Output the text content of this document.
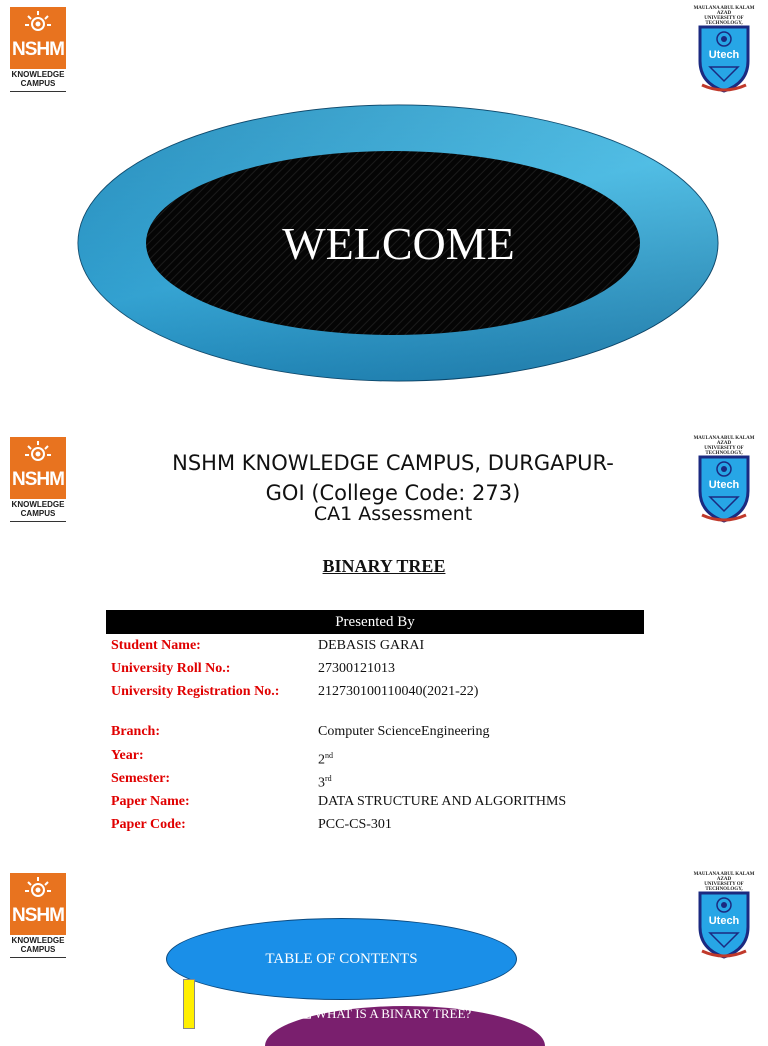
NSHM
KNOWLEDGE
CAMPUS
MAULANA ABUL KALAM AZAD
UNIVERSITY OF TECHNOLOGY,
Utech
WELCOME
NSHM
KNOWLEDGE
CAMPUS
MAULANA ABUL KALAM AZAD
UNIVERSITY OF TECHNOLOGY,
Utech
NSHM KNOWLEDGE CAMPUS, DURGAPUR-
GOI (College Code: 273)
CA1 Assessment
BINARY TREE
Presented By
Student Name:	DEBASIS GARAI
University Roll No.:	27300121013
University Registration No.:	212730100110040(2021-22)
Branch:	Computer ScienceEngineering
Year:	2nd
Semester:	3rd
Paper Name:	DATA STRUCTURE AND ALGORITHMS
Paper Code:	PCC-CS-301
NSHM
KNOWLEDGE
CAMPUS
MAULANA ABUL KALAM AZAD
UNIVERSITY OF TECHNOLOGY,
Utech
TABLE OF CONTENTS
❑ WHAT IS A BINARY TREE?
